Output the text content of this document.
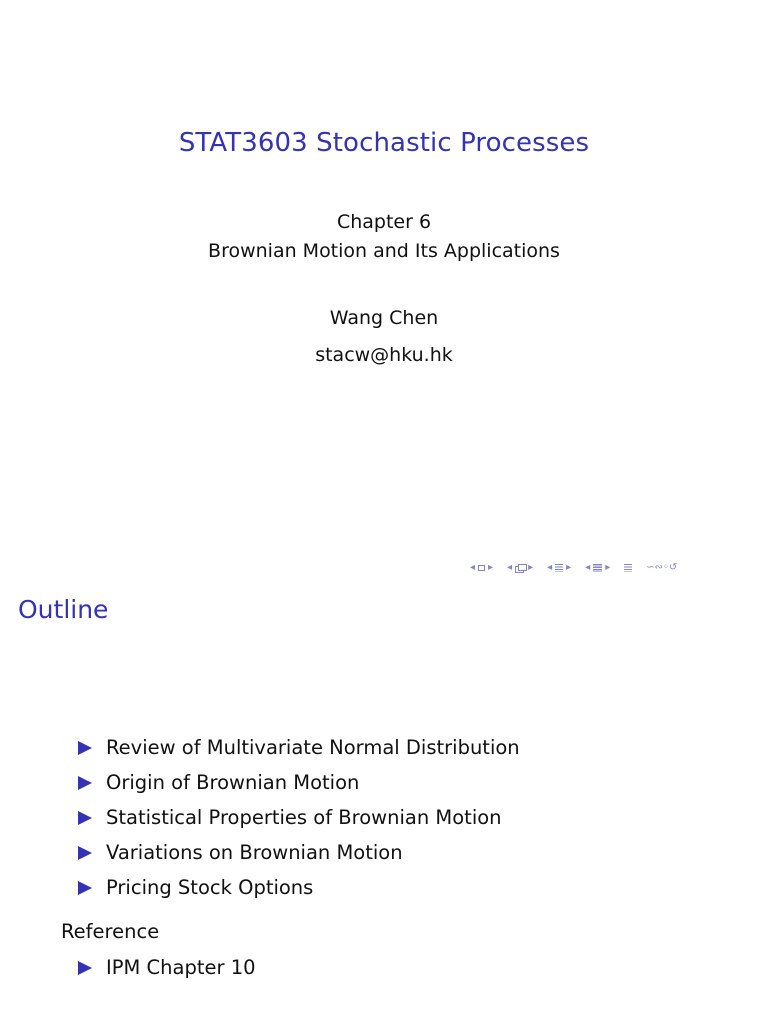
STAT3603 Stochastic Processes
Chapter 6
Brownian Motion and Its Applications
Wang Chen
stacw@hku.hk
◂ ▸ ◂ ▸ ◂ ▸ ◂ ▸	∽∾◦↺
Outline
Review of Multivariate Normal Distribution
Origin of Brownian Motion
Statistical Properties of Brownian Motion
Variations on Brownian Motion
Pricing Stock Options
Reference
IPM Chapter 10
